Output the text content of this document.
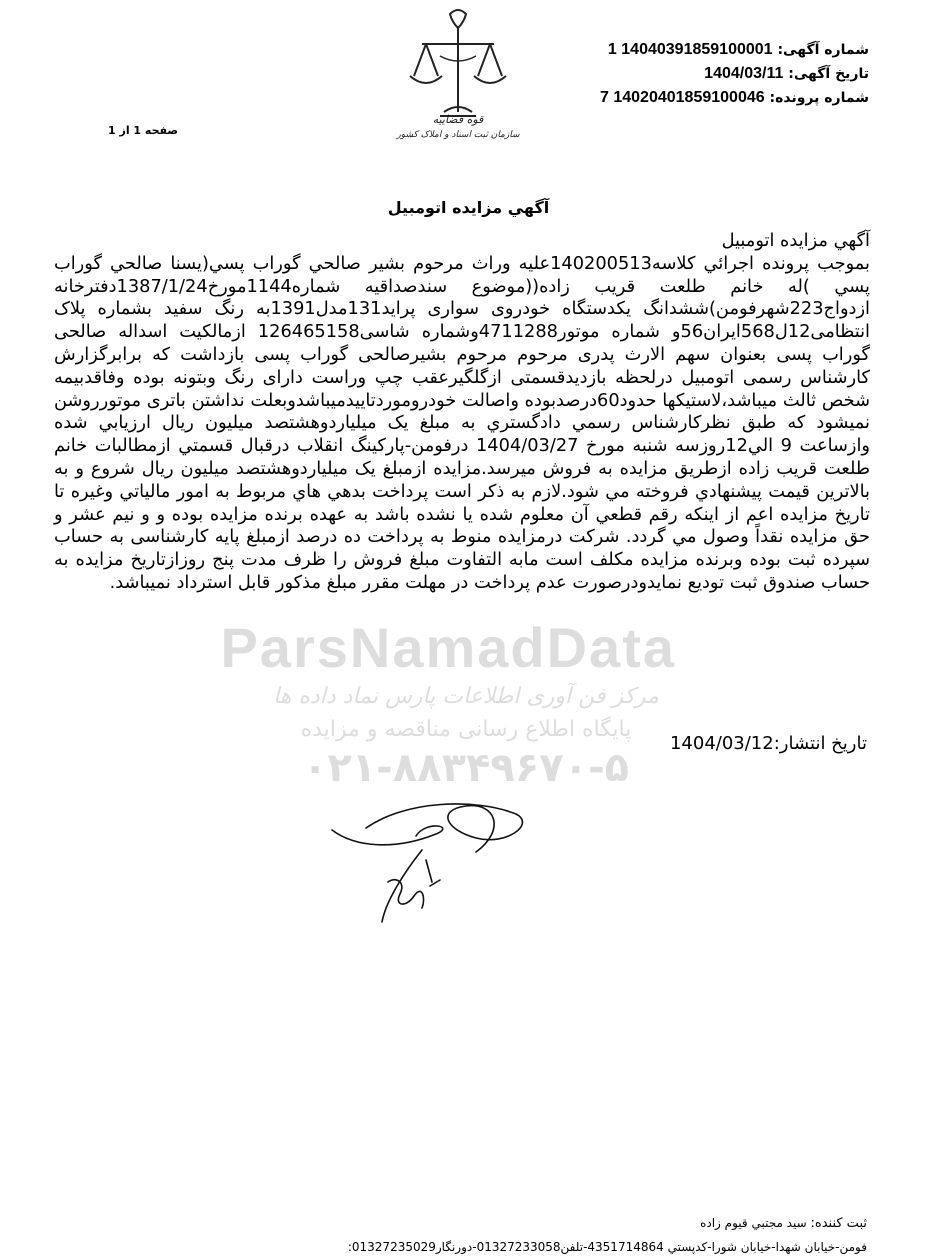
قوه قضاییه
سازمان ثبت اسناد و املاک کشور
شماره آگهی: 14040391859100001 1
تاریخ آگهی: 1404/03/11
شماره پرونده: 14020401859100046 7
صفحه 1 از 1
آگهي مزايده اتومبيل
ParsNamadData
مرکز فن آوری اطلاعات پارس نماد داده ها
پایگاه اطلاع رسانی مناقصه و مزایده
۰۲۱-۸۸۳۴۹۶۷۰-۵

آگهي مزايده اتومبيل

بموجب پرونده اجرائي كلاسه140200513عليه وراث مرحوم بشير صالحي گوراب پسي(يسنا صالحي گوراب پسي )له خانم طلعت قريب زاده((موضوع سندصداقيه شماره1144مورخ1387/1/24دفترخانه ازدواج223شهرفومن)ششدانگ يكدستگاه خودروی سواری پراید131مدل1391به رنگ سفيد بشماره پلاک انتظامی12ل568ایران56و شماره موتور4711288وشماره شاسی126465158 ازمالکیت اسداله صالحی گوراب پسی بعنوان سهم الارث پدری مرحوم مرحوم بشیرصالحی گوراب پسی بازداشت که برابرگزارش کارشناس رسمی اتومبیل درلحظه بازدیدقسمتی ازگلگیرعقب چپ وراست دارای رنگ وبتونه بوده وفاقدبیمه شخص ثالث میباشد،لاستیکها حدود60درصدبوده واصالت خودروموردتاییدمیباشدوبعلت نداشتن باتری موتورروشن نمیشود که طبق نظرکارشناس رسمي دادگستري به مبلغ یک میلیاردوهشتصد میلیون ریال ارزيابي شده وازساعت 9 الي12روزسه شنبه مورخ 1404/03/27 درفومن-پارکینگ انقلاب درقبال قسمتي ازمطالبات خانم طلعت قريب زاده ازطريق مزايده به فروش ميرسد.مزايده ازمبلغ یک میلیاردوهشتصد میلیون ريال شروع و به بالاترين قيمت پيشنهادي فروخته مي شود.لازم به ذكر است پرداخت بدهي هاي مربوط به امور مالياتي وغيره تا تاريخ مزايده اعم از اينكه رقم قطعي آن معلوم شده يا نشده باشد به عهده برنده مزايده بوده و و نيم عشر و حق مزايده نقداً وصول مي گردد. شركت درمزايده منوط به پرداخت ده درصد ازمبلغ پايه كارشناسی به حساب سپرده ثبت بوده وبرنده مزايده مكلف است مابه التفاوت مبلغ فروش را ظرف مدت پنج روزازتاريخ مزايده به حساب صندوق ثبت توديع نمايدودرصورت عدم پرداخت در مهلت مقرر مبلغ مذكور قابل استرداد نميباشد.

تاريخ انتشار:1404/03/12
ثبت كننده: سيد مجتبي قيوم زاده
فومن-خيابان شهدا-خيابان شورا-كدپستي 4351714864-تلفن01327233058-دورنگار01327235029:
